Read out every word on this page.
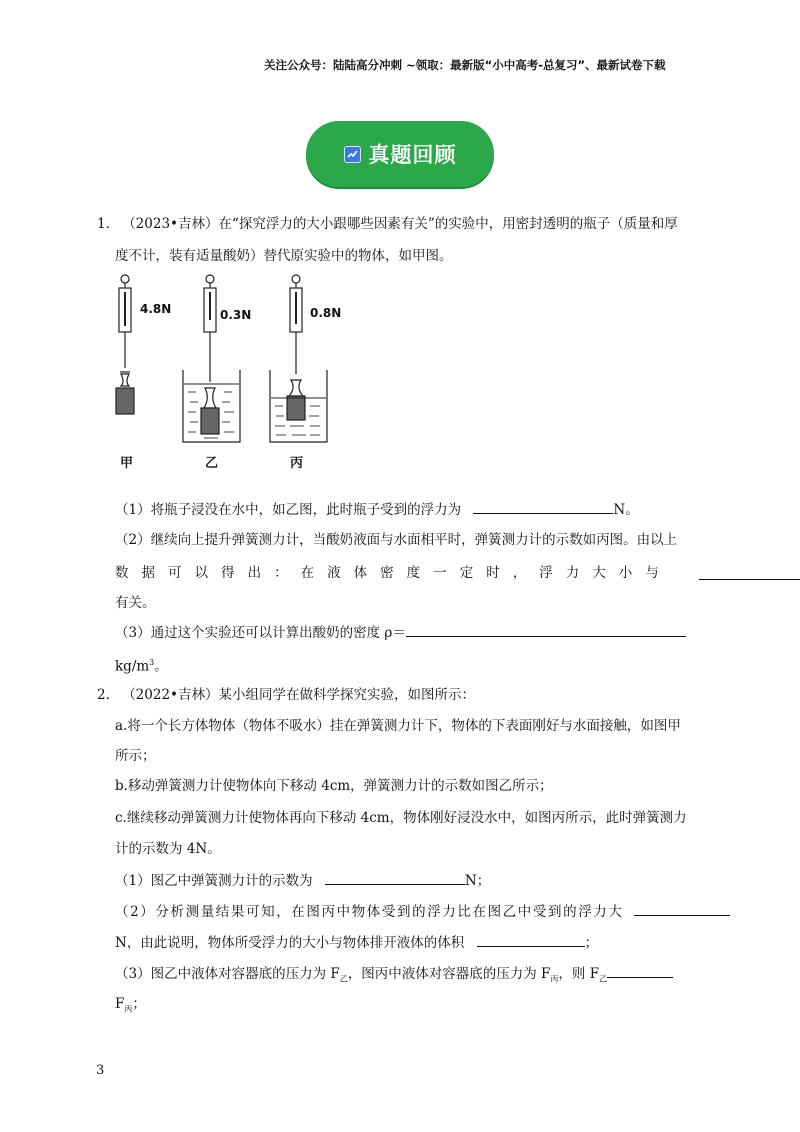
关注公众号：陆陆高分冲刺 ~领取：最新版“小中高考-总复习”、最新试卷下载
真题回顾
1. （2023•吉林）在“探究浮力的大小跟哪些因素有关”的实验中，用密封透明的瓶子（质量和厚
度不计，装有适量酸奶）替代原实验中的物体，如甲图。
4.8N	0.3N	0.8N
甲	乙	丙
（1）将瓶子浸没在水中，如乙图，此时瓶子受到的浮力为	N。
（2）继续向上提升弹簧测力计，当酸奶液面与水面相平时，弹簧测力计的示数如丙图。由以上
数 据 可 以 得 出 ： 在 液 体 密 度 一 定 时 ， 浮 力 大 小 与
有关。
（3）通过这个实验还可以计算出酸奶的密度 ρ＝
$kg/m^3$。
2. （2022•吉林）某小组同学在做科学探究实验，如图所示：
a.将一个长方体物体（物体不吸水）挂在弹簧测力计下，物体的下表面刚好与水面接触，如图甲
所示；
b.移动弹簧测力计使物体向下移动 4cm，弹簧测力计的示数如图乙所示；
c.继续移动弹簧测力计使物体再向下移动 4cm，物体刚好浸没水中，如图丙所示，此时弹簧测力
计的示数为 4N。
（1）图乙中弹簧测力计的示数为	N；
（2）分析测量结果可知，在图丙中物体受到的浮力比在图乙中受到的浮力大
N，由此说明，物体所受浮力的大小与物体排开液体的体积	；
（3）图乙中液体对容器底的压力为 $F_乙$，图丙中液体对容器底的压力为 $F_丙$，则 $F_乙$
$F_丙$；
3
